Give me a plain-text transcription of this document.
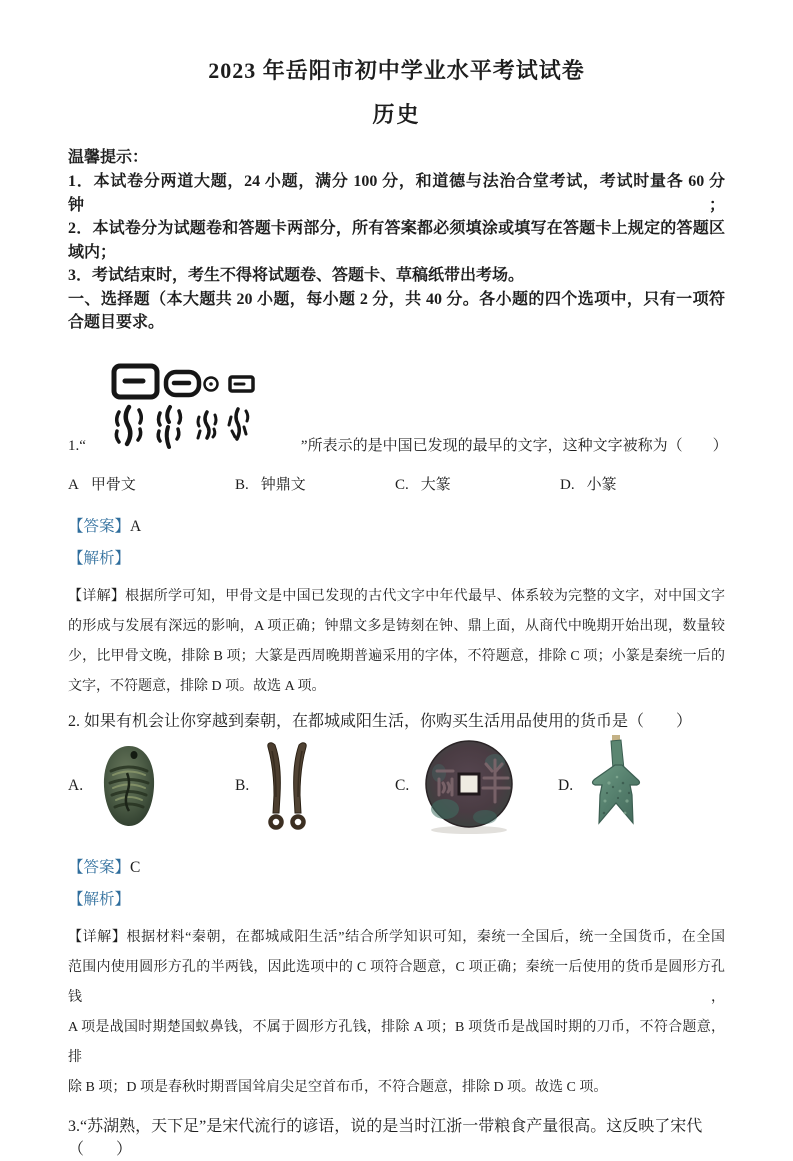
2023 年岳阳市初中学业水平考试试卷
历史
温馨提示：
1．本试卷分两道大题，24 小题，满分 100 分，和道德与法治合堂考试，考试时量各 60 分钟；
2．本试卷分为试题卷和答题卡两部分，所有答案都必须填涂或填写在答题卡上规定的答题区
域内；
3．考试结束时，考生不得将试题卷、答题卡、草稿纸带出考场。
一、选择题（本大题共 20 小题，每小题 2 分，共 40 分。各小题的四个选项中，只有一项符
合题目要求。
1.“	”所表示的是中国已发现的最早的文字，这种文字被称为（　　）
A 甲骨文	B. 钟鼎文	C. 大篆	D. 小篆
【答案】A
【解析】
【详解】根据所学可知，甲骨文是中国已发现的古代文字中年代最早、体系较为完整的文字，对中国文字
的形成与发展有深远的影响，A 项正确；钟鼎文多是铸刻在钟、鼎上面，从商代中晚期开始出现，数量较
少，比甲骨文晚，排除 B 项；大篆是西周晚期普遍采用的字体，不符题意，排除 C 项；小篆是秦统一后的
文字，不符题意，排除 D 项。故选 A 项。
2. 如果有机会让你穿越到秦朝，在都城咸阳生活，你购买生活用品使用的货币是（　　）
A.	B.	C.	D.
【答案】C
【解析】
【详解】根据材料“秦朝，在都城咸阳生活”结合所学知识可知，秦统一全国后，统一全国货币，在全国
范围内使用圆形方孔的半两钱，因此选项中的 C 项符合题意，C 项正确；秦统一后使用的货币是圆形方孔钱，
A 项是战国时期楚国蚁鼻钱，不属于圆形方孔钱，排除 A 项；B 项货币是战国时期的刀币，不符合题意，排
除 B 项；D 项是春秋时期晋国耸肩尖足空首布币，不符合题意，排除 D 项。故选 C 项。
3.“苏湖熟，天下足”是宋代流行的谚语，说的是当时江浙一带粮食产量很高。这反映了宋代（　　）
